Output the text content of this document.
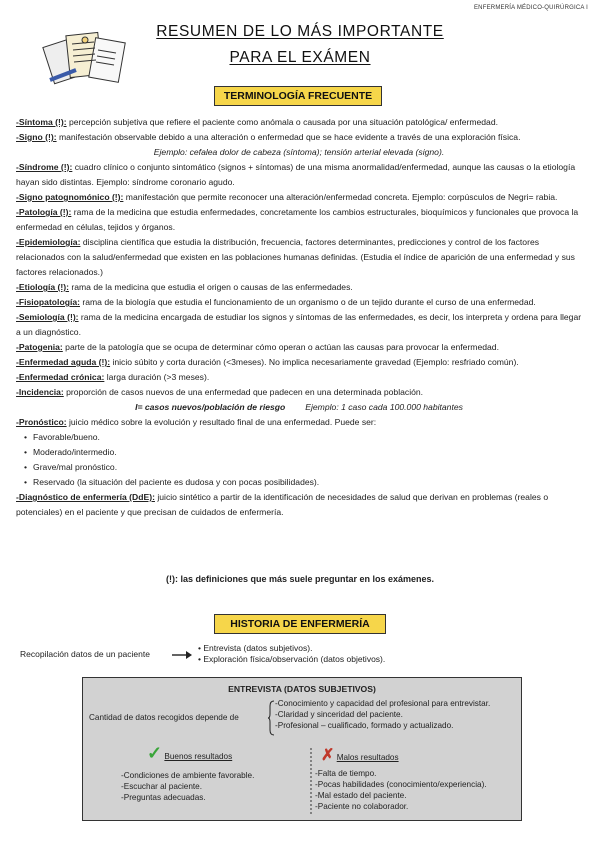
ENFERMERÍA MÉDICO-QUIRÚRGICA I
RESUMEN DE LO MÁS IMPORTANTE
PARA EL EXÁMEN
TERMINOLOGÍA FRECUENTE

-Síntoma (!): percepción subjetiva que refiere el paciente como anómala o causada por una situación patológica/ enfermedad.

-Signo (!): manifestación observable debido a una alteración o enfermedad que se hace evidente a través de una exploración física.

Ejemplo: cefalea dolor de cabeza (síntoma); tensión arterial elevada (signo).

-Síndrome (!): cuadro clínico o conjunto sintomático (signos + síntomas) de una misma anormalidad/enfermedad, aunque las causas o la etiología hayan sido distintas. Ejemplo: síndrome coronario agudo.

-Signo patognomónico (!): manifestación que permite reconocer una alteración/enfermedad concreta. Ejemplo: corpúsculos de Negri= rabia.

-Patología (!): rama de la medicina que estudia enfermedades, concretamente los cambios estructurales, bioquímicos y funcionales que provoca la enfermedad en células, tejidos y órganos.

-Epidemiología: disciplina científica que estudia la distribución, frecuencia, factores determinantes, predicciones y control de los factores relacionados con la salud/enfermedad que existen en las poblaciones humanas definidas. (Estudia el índice de aparición de una enfermedad y sus factores relacionados.)

-Etiología (!): rama de la medicina que estudia el origen o causas de las enfermedades.

-Fisiopatología: rama de la biología que estudia el funcionamiento de un organismo o de un tejido durante el curso de una enfermedad.

-Semiología (!): rama de la medicina encargada de estudiar los signos y síntomas de las enfermedades, es decir, los interpreta y ordena para llegar a un diagnóstico.

-Patogenia: parte de la patología que se ocupa de determinar cómo operan o actúan las causas para provocar la enfermedad.

-Enfermedad aguda (!): inicio súbito y corta duración (<3meses). No implica necesariamente gravedad (Ejemplo: resfriado común).

-Enfermedad crónica: larga duración (>3 meses).

-Incidencia: proporción de casos nuevos de una enfermedad que padecen en una determinada población.

I= casos nuevos/población de riesgo Ejemplo: 1 caso cada 100.000 habitantes

-Pronóstico: juicio médico sobre la evolución y resultado final de una enfermedad. Puede ser:

• Favorable/bueno.

• Moderado/intermedio.

• Grave/mal pronóstico.

• Reservado (la situación del paciente es dudosa y con pocas posibilidades).

-Diagnóstico de enfermería (DdE): juicio sintético a partir de la identificación de necesidades de salud que derivan en problemas (reales o potenciales) en el paciente y que precisan de cuidados de enfermería.

(!): las definiciones que más suele preguntar en los exámenes.
HISTORIA DE ENFERMERÍA
Recopilación datos de un paciente
• Entrevista (datos subjetivos).
• Exploración física/observación (datos objetivos).
ENTREVISTA (DATOS SUBJETIVOS)
Cantidad de datos recogidos depende de
-Conocimiento y capacidad del profesional para entrevistar.
-Claridad y sinceridad del paciente.
-Profesional – cualificado, formado y actualizado.
✓ Buenos resultados
-Condiciones de ambiente favorable.
-Escuchar al paciente.
-Preguntas adecuadas.
✗ Malos resultados
-Falta de tiempo.
-Pocas habilidades (conocimiento/experiencia).
-Mal estado del paciente.
-Paciente no colaborador.
